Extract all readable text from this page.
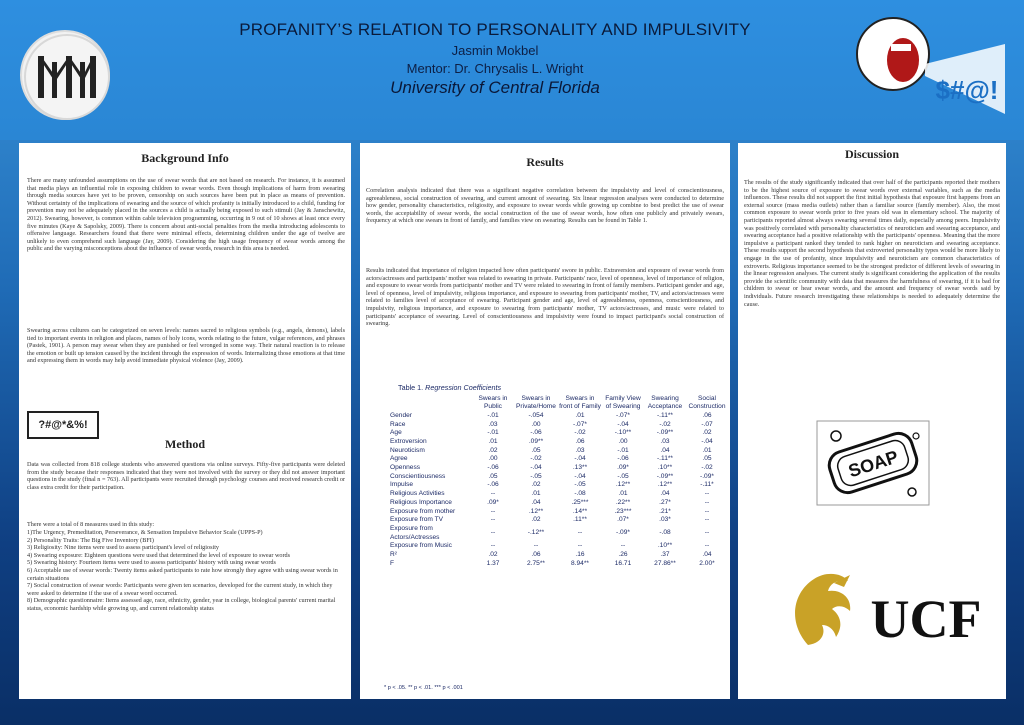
PROFANITY’S RELATION TO PERSONALITY AND IMPULSIVITY
Jasmin Mokbel
Mentor: Dr. Chrysalis L. Wright
University of Central Florida	$#@!
Background Info
There are many unfounded assumptions on the use of swear words that are not based on research. For instance, it is assumed that media plays an influential role in exposing children to swear words. Even though implications of harm from swearing through media sources have yet to be proven, censorship on such sources have been put in place as means of prevention. Without certainty of the implications of swearing and the source of which profanity is initially introduced to a child, funding for prevention may not be adequately placed in the sources a child is actually being exposed to such stimuli (Jay & Janschewitz, 2012). Swearing, however, is common within cable television programming, occurring in 9 out of 10 shows at least once every five minutes (Kaye & Sapolsky, 2009). There is concern about anti-social penalties from the media introducing adolescents to offensive language. Researchers found that there were minimal effects, determining children under the age of twelve are unlikely to even comprehend such language (Jay, 2009). Considering the high usage frequency of swear words among the public and the varying misconceptions about the influence of swear words, research in this area is needed.
Swearing across cultures can be categorized on seven levels: names sacred to religious symbols (e.g., angels, demons), labels tied to important events in religion and places, names of holy icons, words relating to the future, vulgar references, and phrases (Pastek, 1901). A person may swear when they are punished or feel wronged in some way. Their natural reaction is to release the emotion or built up tension caused by the incident through the expression of words. Internalizing those emotions at that time and expressing them in words may help avoid immediate physical violence (Jay, 2009).
?#@*&%!
Method
Data was collected from 818 college students who answered questions via online surveys. Fifty-five participants were deleted from the study because their responses indicated that they were not involved with the survey or they did not answer important questions in the study (final n = 763). All participants were recruited through psychology courses and received research credit or class extra credit for their participation.
There were a total of 8 measures used in this study:
1)The Urgency, Premeditation, Perseverance, & Sensation Impulsive Behavior Scale (UPPS-P)
2) Personality Traits: The Big Five Inventory (BFI)
3) Religiosity: Nine items were used to assess participant's level of religiosity
4) Swearing exposure: Eighteen questions were used that determined the level of exposure to swear words
5) Swearing history: Fourteen items were used to assess participants' history with using swear words
6) Acceptable use of swear words: Twenty items asked participants to rate how strongly they agree with using swear words in certain situations
7) Social construction of swear words: Participants were given ten scenarios, developed for the current study, in which they were asked to determine if the use of a swear word occurred.
8) Demographic questionnaire: Items assessed age, race, ethnicity, gender, year in college, biological parents' current marital status, economic hardship while growing up, and current relationship status
Results
Correlation analysis indicated that there was a significant negative correlation between the impulsivity and level of conscientiousness, agreeableness, social construction of swearing, and current amount of swearing. Six linear regression analyses were conducted to determine how gender, personality characteristics, religiosity, and exposure to swear words while growing up combine to best predict the use of swear words, the acceptability of swear words, the social construction of the use of swear words, how often one publicly and privately swears, frequency at which one swears in front of family, and families view on swearing. Results can be found in Table 1.
Results indicated that importance of religion impacted how often participants' swore in public. Extraversion and exposure of swear words from actors/actresses and participants' mother was related to swearing in private. Participants' race, level of openness, level of importance of religion, and exposure to swear words from participants' mother and TV were related to swearing in front of family members. Participant gender and age, level of openness, level of impulsivity, religious importance, and exposure to swearing from participants' mother, TV, and actors/actresses were related to families level of acceptance of swearing. Participant gender and age, level of agreeableness, openness, conscientiousness, and impulsivity, religious importance, and exposure to swearing from participants' mother, TV actors/actresses, and music were related to participants' acceptance of swearing. Level of conscientiousness and impulsivity were found to impact participant's social construction of swearing.
Table 1. Regression Coefficients
	Swears in Public	Swears in Private/Home	Swears in front of Family	Family View of Swearing	Swearing Acceptance	Social Construction
Gender	-.01	-.054	.01	-.07*	-.11**	.06
Race	.03	.00	-.07*	-.04	-.02	-.07
Age	-.01	-.06	-.02	-.10**	-.09**	.02
Extroversion	.01	.09**	.06	.00	.03	-.04
Neuroticism	.02	.05	.03	-.01	.04	.01
Agree	.00	-.02	-.04	-.06	-.11**	.05
Openness	-.06	-.04	.13**	.09*	.10**	-.02
Conscientiousness	.05	-.05	-.04	-.05	-.09**	-.09*
Impulse	-.06	.02	-.05	.12**	.12**	-.11*
Religious Activities	--	.01	-.08	.01	.04	--
Religious Importance	.09*	.04	.25***	.22**	.27*	--
Exposure from mother	--	.12**	.14**	.23***	.21*	--
Exposure from TV	--	.02	.11**	.07*	.03*	--
Exposure from Actors/Actresses	--	-.12**	--	-.09*	-.08	--
Exposure from Music	--	--	--	--	.10**	--
R²	.02	.06	.16	.26	.37	.04
F	1.37	2.75**	8.94**	16.71	27.86**	2.00*
* p < .05. ** p < .01. *** p < .001
Discussion
The results of the study significantly indicated that over half of the participants reported their mothers to be the highest source of exposure to swear words over external variables, such as the media influences. These results did not support the first initial hypothesis that exposure first happens from an external source (mass media outlets) rather than a familiar source (family member). Also, the most common exposure to swear words prior to five years old was in elementary school. The majority of participants reported almost always swearing several times daily, especially among peers. Impulsivity was positively correlated with personality characteristics of neuroticism and swearing acceptance, and swearing acceptance had a positive relationship with the participants' openness. Meaning that the more impulsive a participant ranked they tended to rank higher on neuroticism and swearing acceptance. These results support the second hypothesis that extroverted personality types would be more likely to engage in the use of profanity, since impulsivity and neuroticism are common characteristics of extroverts. Religious importance seemed to be the strongest predictor of different levels of swearing in the linear regression analyses. The current study is significant considering the application of the results provide the scientific community with data that measures the harmfulness of swearing, if it is bad for children to swear or hear swear words, and the amount and frequency of swear words said by individuals. Future research investigating these relationships is needed to adequately determine the cause.
SOAP
UCF
